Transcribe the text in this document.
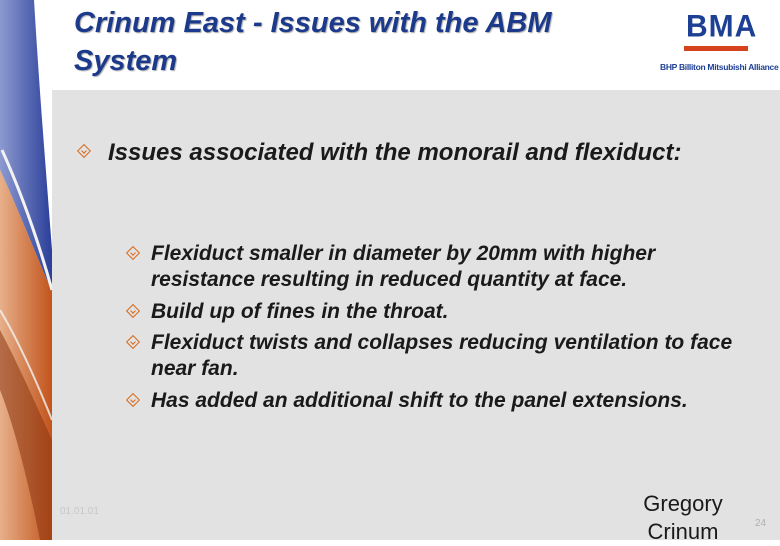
Crinum East - Issues with the ABM
System
BMA
BHP Billiton Mitsubishi Alliance

Issues associated with the monorail and flexiduct:

Flexiduct smaller in diameter by 20mm with higher resistance resulting in reduced quantity at face.

Build up of fines in the throat.

Flexiduct twists and collapses reducing ventilation to face near fan.

Has added an additional shift to the panel extensions.

01.01.01	Gregory
Crinum	24
